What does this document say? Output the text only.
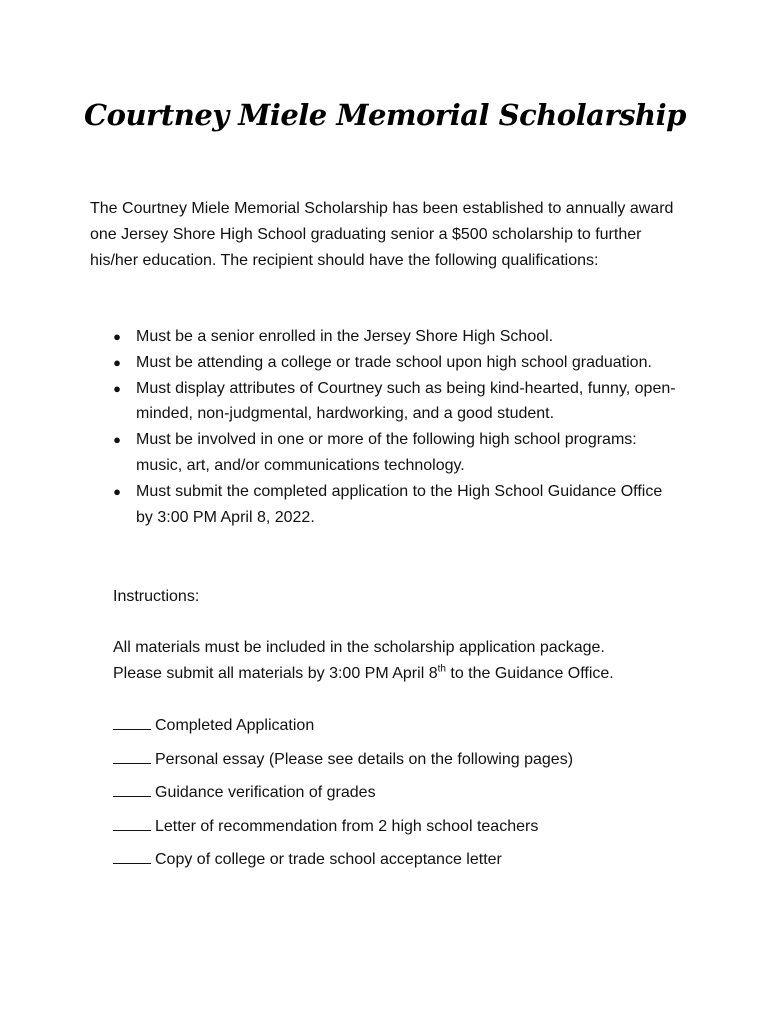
Courtney Miele Memorial Scholarship

The Courtney Miele Memorial Scholarship has been established to annually award one Jersey Shore High School graduating senior a $500 scholarship to further his/her education. The recipient should have the following qualifications:

● Must be a senior enrolled in the Jersey Shore High School.
● Must be attending a college or trade school upon high school graduation.
● Must display attributes of Courtney such as being kind-hearted, funny, open-minded, non-judgmental, hardworking, and a good student.
● Must be involved in one or more of the following high school programs: music, art, and/or communications technology.
● Must submit the completed application to the High School Guidance Office by 3:00 PM April 8, 2022.

Instructions:

All materials must be included in the scholarship application package.
Please submit all materials by 3:00 PM April 8th to the Guidance Office.

Completed Application
Personal essay (Please see details on the following pages)
Guidance verification of grades
Letter of recommendation from 2 high school teachers
Copy of college or trade school acceptance letter
